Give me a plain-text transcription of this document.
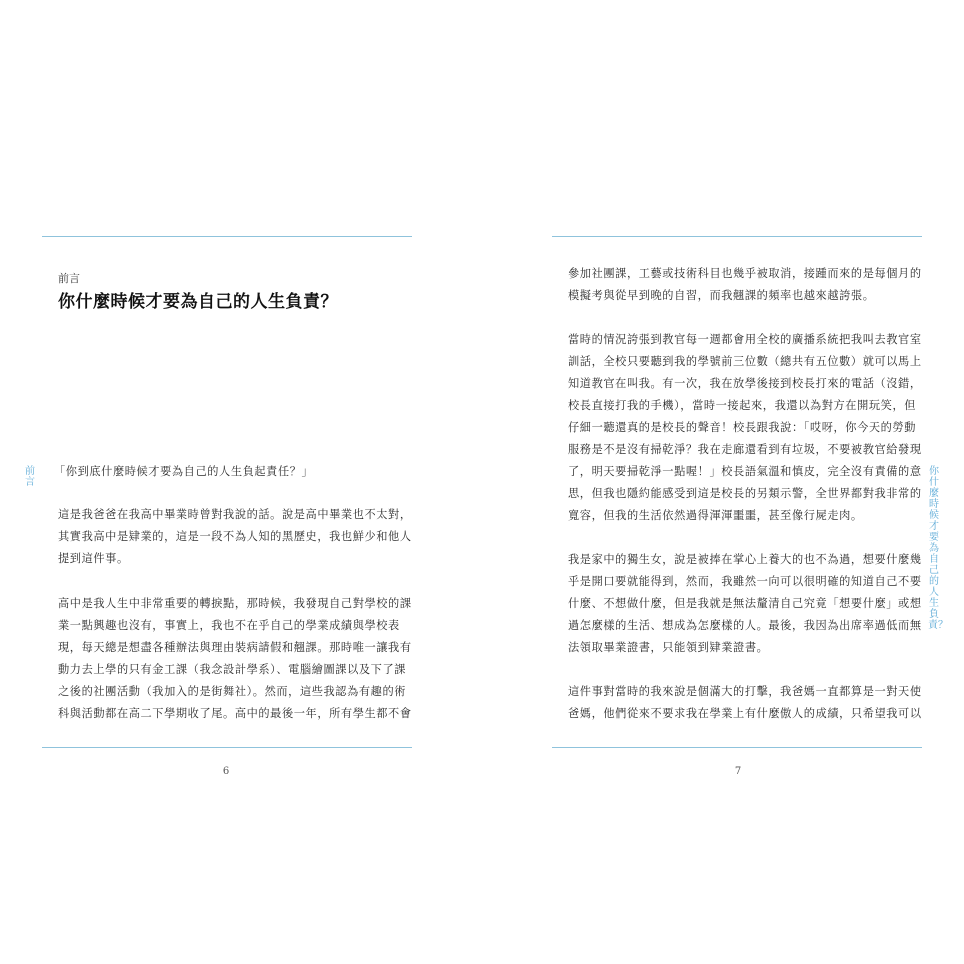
前言
前言
你什麼時候才要為自己的人生負責？
「你到底什麼時候才要為自己的人生負起責任？」
這是我爸爸在我高中畢業時曾對我說的話。說是高中畢業也不太對，
其實我高中是肄業的，這是一段不為人知的黑歷史，我也鮮少和他人
提到這件事。
高中是我人生中非常重要的轉捩點，那時候，我發現自己對學校的課
業一點興趣也沒有，事實上，我也不在乎自己的學業成績與學校表
現，每天總是想盡各種辦法與理由裝病請假和翹課。那時唯一讓我有
動力去上學的只有金工課（我念設計學系）、電腦繪圖課以及下了課
之後的社團活動（我加入的是街舞社）。然而，這些我認為有趣的術
科與活動都在高二下學期收了尾。高中的最後一年，所有學生都不會
6
參加社團課，工藝或技術科目也幾乎被取消，接踵而來的是每個月的
模擬考與從早到晚的自習，而我翹課的頻率也越來越誇張。
當時的情況誇張到教官每一週都會用全校的廣播系統把我叫去教官室
訓話，全校只要聽到我的學號前三位數（總共有五位數）就可以馬上
知道教官在叫我。有一次，我在放學後接到校長打來的電話（沒錯，
校長直接打我的手機），當時一接起來，我還以為對方在開玩笑，但
仔細一聽還真的是校長的聲音！校長跟我說：「哎呀，你今天的勞動
服務是不是沒有掃乾淨？我在走廊還看到有垃圾，不要被教官給發現
了，明天要掃乾淨一點喔！」校長語氣溫和慎皮，完全沒有責備的意
思，但我也隱約能感受到這是校長的另類示警，全世界都對我非常的
寬容，但我的生活依然過得渾渾噩噩，甚至像行屍走肉。
我是家中的獨生女，說是被捧在掌心上養大的也不為過，想要什麼幾
乎是開口要就能得到，然而，我雖然一向可以很明確的知道自己不要
什麼、不想做什麼，但是我就是無法釐清自己究竟「想要什麼」或想
過怎麼樣的生活、想成為怎麼樣的人。最後，我因為出席率過低而無
法領取畢業證書，只能領到肄業證書。
這件事對當時的我來說是個滿大的打擊，我爸媽一直都算是一對天使
爸媽，他們從來不要求我在學業上有什麼傲人的成績，只希望我可以
你什麼時候才要為自己的人生負責？
7
